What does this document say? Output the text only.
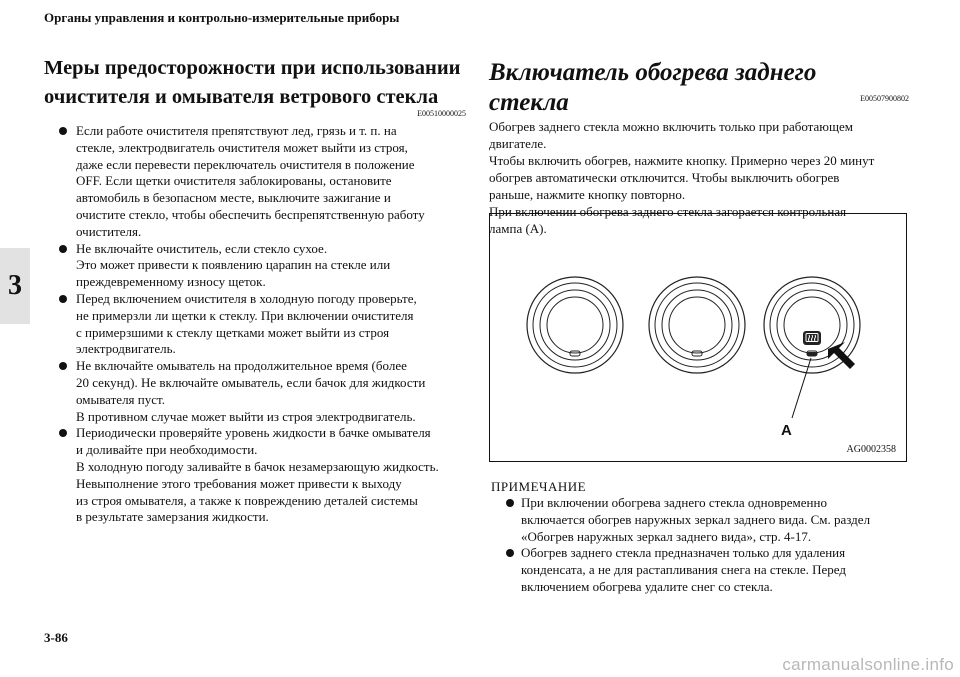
Органы управления и контрольно-измерительные приборы
3
Меры предосторожности при использовании
очистителя и омывателя ветрового стекла
E00510000025
Если работе очистителя препятствуют лед, грязь и т. п. на
стекле, электродвигатель очистителя может выйти из строя,
даже если перевести переключатель очистителя в положение
OFF. Если щетки очистителя заблокированы, остановите
автомобиль в безопасном месте, выключите зажигание и
очистите стекло, чтобы обеспечить беспрепятственную работу
очистителя.
Не включайте очиститель, если стекло сухое.
Это может привести к появлению царапин на стекле или
преждевременному износу щеток.
Перед включением очистителя в холодную погоду проверьте,
не примерзли ли щетки к стеклу. При включении очистителя
с примерзшими к стеклу щетками может выйти из строя
электродвигатель.
Не включайте омыватель на продолжительное время (более
20 секунд). Не включайте омыватель, если бачок для жидкости
омывателя пуст.
В противном случае может выйти из строя электродвигатель.
Периодически проверяйте уровень жидкости в бачке омывателя
и доливайте при необходимости.
В холодную погоду заливайте в бачок незамерзающую жидкость.
Невыполнение этого требования может привести к выходу
из строя омывателя, а также к повреждению деталей системы
в результате замерзания жидкости.
Включатель обогрева заднего стекла	E00507900802

Обогрев заднего стекла можно включить только при работающем

двигателе.

Чтобы включить обогрев, нажмите кнопку. Примерно через 20 минут

обогрев автоматически отключится. Чтобы выключить обогрев

раньше, нажмите кнопку повторно.

При включении обогрева заднего стекла загорается контрольная

лампа (A).

A
AG0002358
ПРИМЕЧАНИЕ
При включении обогрева заднего стекла одновременно
включается обогрев наружных зеркал заднего вида. См. раздел
«Обогрев наружных зеркал заднего вида», стр. 4-17.
Обогрев заднего стекла предназначен только для удаления
конденсата, а не для растапливания снега на стекле. Перед
включением обогрева удалите снег со стекла.
3-86
carmanualsonline.info
